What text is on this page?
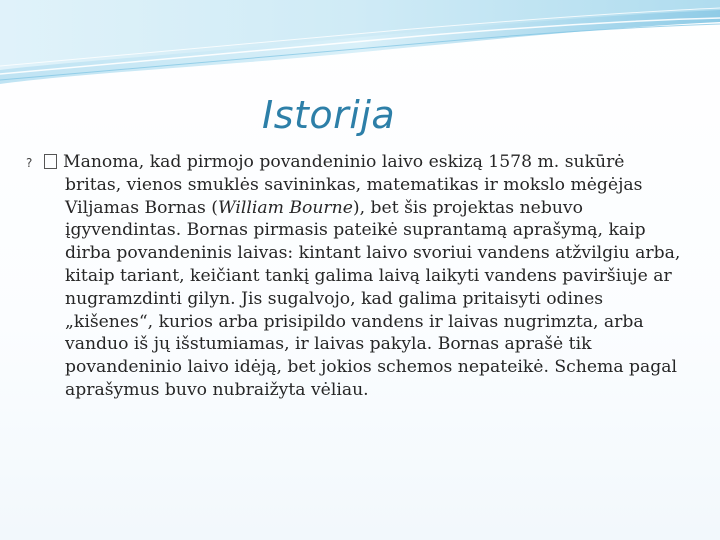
Istorija

?Manoma, kad pirmojo povandeninio laivo eskizą 1578 m. sukūrė britas, vienos smuklės savininkas, matematikas ir mokslo mėgėjas Viljamas Bornas (William Bourne), bet šis projektas nebuvo įgyvendintas. Bornas pirmasis pateikė suprantamą aprašymą, kaip dirba povandeninis laivas: kintant laivo svoriui vandens atžvilgiu arba, kitaip tariant, keičiant tankį galima laivą laikyti vandens paviršiuje ar nugramzdinti gilyn. Jis sugalvojo, kad galima pritaisyti odines „kišenes“, kurios arba prisipildo vandens ir laivas nugrimzta, arba vanduo iš jų išstumiamas, ir laivas pakyla. Bornas aprašė tik povandeninio laivo idėją, bet jokios schemos nepateikė. Schema pagal aprašymus buvo nubraižyta vėliau.
